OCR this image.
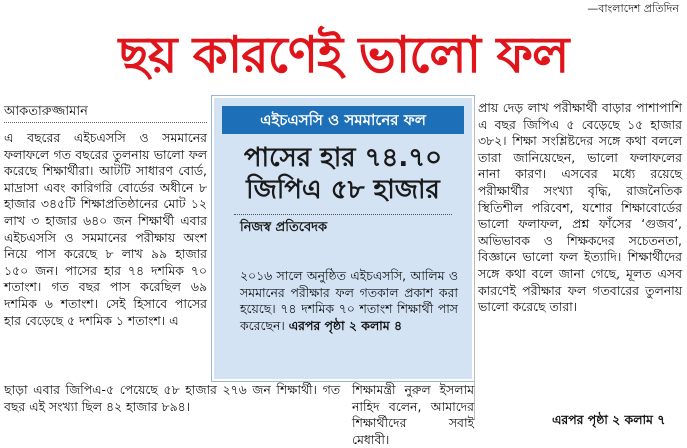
—বাংলাদেশ প্রতিদিন
ছয় কারণেই ভালো ফল
আকতারুজ্জামান
এ বছরের এইচএসসি ও সমমানের ফলাফলে গত বছরের তুলনায় ভালো ফল করেছে শিক্ষার্থীরা। আটটি সাধারণ বোর্ড, মাদ্রাসা এবং কারিগরি বোর্ডের অধীনে ৮ হাজার ৩৪৫টি শিক্ষাপ্রতিষ্ঠানের মোট ১২ লাখ ৩ হাজার ৬৪০ জন শিক্ষার্থী এবার এইচএসসি ও সমমানের পরীক্ষায় অংশ নিয়ে পাস করেছে ৮ লাখ ৯৯ হাজার ১৫০ জন। পাসের হার ৭৪ দশমিক ৭০ শতাংশ। গত বছর পাস করেছিল ৬৯ দশমিক ৬ শতাংশ। সেই হিসাবে পাসের হার বেড়েছে ৫ দশমিক ১ শতাংশ। এ
ছাড়া এবার জিপিএ-৫ পেয়েছে ৫৮ হাজার ২৭৬ জন শিক্ষার্থী। গত বছর এই সংখ্যা ছিল ৪২ হাজার ৮৯৪।
এইচএসসি ও সমমানের ফল
পাসের হার ৭৪.৭০
জিপিএ ৫৮ হাজার
নিজস্ব প্রতিবেদক
২০১৬ সালে অনুষ্ঠিত এইচএসসি, আলিম ও সমমানের পরীক্ষার ফল গতকাল প্রকাশ করা হয়েছে। ৭৪ দশমিক ৭০ শতাংশ শিক্ষার্থী পাস করেছেন। এরপর পৃষ্ঠা ২ কলাম ৪
প্রায় দেড় লাখ পরীক্ষার্থী বাড়ার পাশাপাশি এ বছর জিপিএ ৫ বেড়েছে ১৫ হাজার ৩৮২। শিক্ষা সংশ্লিষ্টদের সঙ্গে কথা বললে তারা জানিয়েছেন, ভালো ফলাফলের নানা কারণ। এসবের মধ্যে রয়েছে পরীক্ষার্থীর সংখ্যা বৃদ্ধি, রাজনৈতিক স্থিতিশীল পরিবেশ, যশোর শিক্ষাবোর্ডের ভালো ফলাফল, প্রশ্ন ফাঁসের ‘গুজব’, অভিভাবক ও শিক্ষকদের সচেতনতা, বিজ্ঞানে ভালো ফল ইত্যাদি। শিক্ষার্থীদের সঙ্গে কথা বলে জানা গেছে, মূলত এসব কারণেই পরীক্ষার ফল গতবারের তুলনায় ভালো করেছে তারা।
শিক্ষামন্ত্রী নুরুল ইসলাম নাহিদ বলেন, আমাদের শিক্ষার্থীদের সবাই মেধাবী।
এরপর পৃষ্ঠা ২ কলাম ৭
